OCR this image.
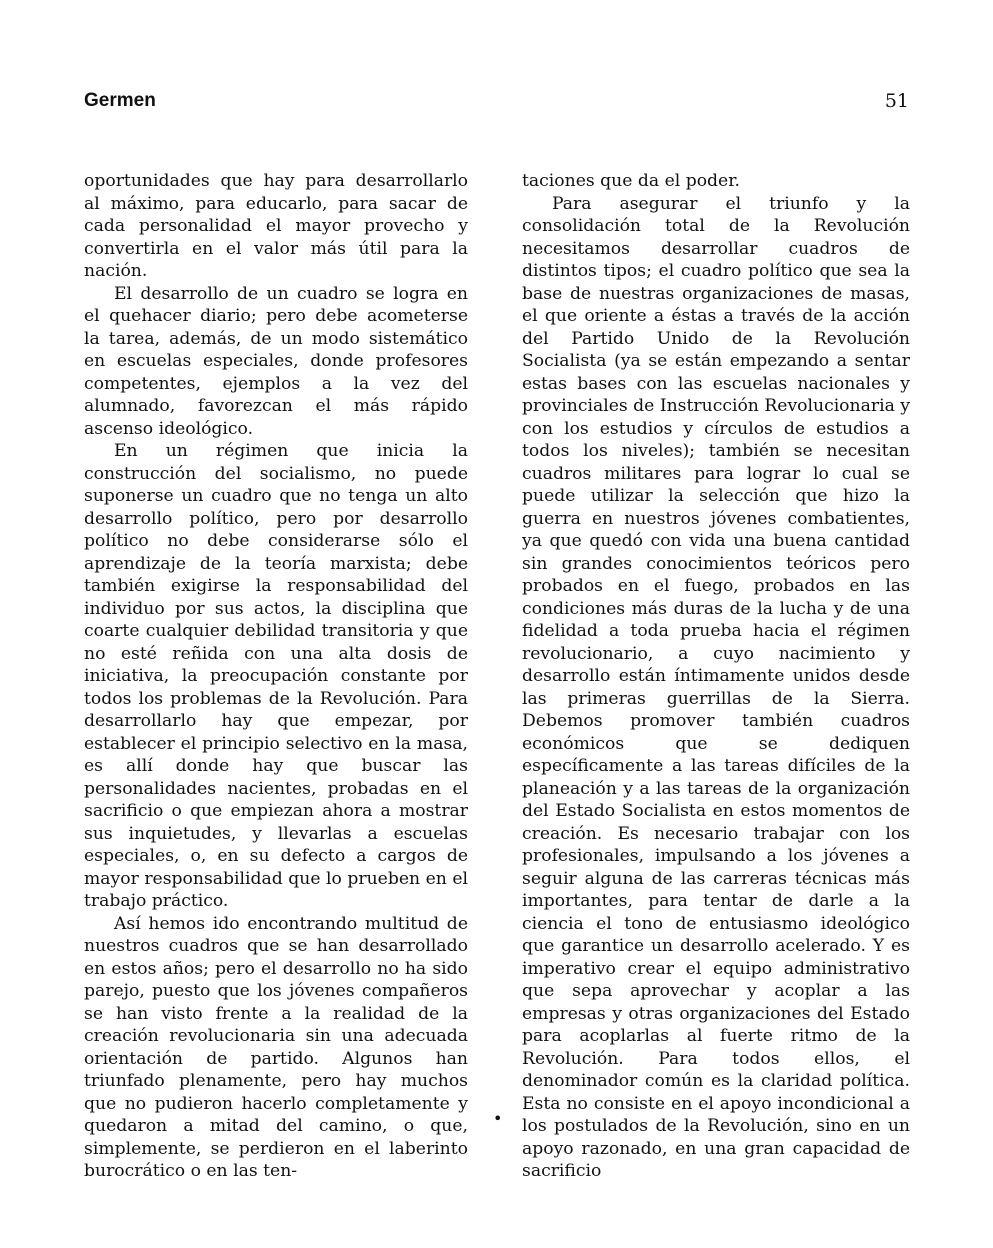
Germen	51

oportunidades que hay para desarrollarlo al máximo, para educarlo, para sacar de cada personalidad el mayor provecho y convertirla en el valor más útil para la nación.

El desarrollo de un cuadro se logra en el quehacer diario; pero debe acometerse la tarea, además, de un modo sistemático en escuelas especiales, donde profesores competentes, ejemplos a la vez del alumnado, favorezcan el más rápido ascenso ideológico.

En un régimen que inicia la construcción del socialismo, no puede suponerse un cuadro que no tenga un alto desarrollo político, pero por desarrollo político no debe considerarse sólo el aprendizaje de la teoría marxista; debe también exigirse la responsabilidad del individuo por sus actos, la disciplina que coarte cualquier debilidad transitoria y que no esté reñida con una alta dosis de iniciativa, la preocupación constante por todos los problemas de la Revolución. Para desarrollarlo hay que empezar, por establecer el principio selectivo en la masa, es allí donde hay que buscar las personalidades nacientes, probadas en el sacrificio o que empiezan ahora a mostrar sus inquietudes, y llevarlas a escuelas especiales, o, en su defecto a cargos de mayor responsabilidad que lo prueben en el trabajo práctico.

Así hemos ido encontrando multitud de nuestros cuadros que se han desarrollado en estos años; pero el desarrollo no ha sido parejo, puesto que los jóvenes compañeros se han visto frente a la realidad de la creación revolucionaria sin una adecuada orientación de partido. Algunos han triunfado plenamente, pero hay muchos que no pudieron hacerlo completamente y quedaron a mitad del camino, o que, simplemente, se perdieron en el laberinto burocrático o en las ten-

taciones que da el poder.

Para asegurar el triunfo y la consolidación total de la Revolución necesitamos desarrollar cuadros de distintos tipos; el cuadro político que sea la base de nuestras organizaciones de masas, el que oriente a éstas a través de la acción del Partido Unido de la Revolución Socialista (ya se están empezando a sentar estas bases con las escuelas nacionales y provinciales de Instrucción Revolucionaria y con los estudios y círculos de estudios a todos los niveles); también se necesitan cuadros militares para lograr lo cual se puede utilizar la selección que hizo la guerra en nuestros jóvenes combatientes, ya que quedó con vida una buena cantidad sin grandes conocimientos teóricos pero probados en el fuego, probados en las condiciones más duras de la lucha y de una fidelidad a toda prueba hacia el régimen revolucionario, a cuyo nacimiento y desarrollo están íntimamente unidos desde las primeras guerrillas de la Sierra. Debemos promover también cuadros económicos que se dediquen específicamente a las tareas difíciles de la planeación y a las tareas de la organización del Estado Socialista en estos momentos de creación. Es necesario trabajar con los profesionales, impulsando a los jóvenes a seguir alguna de las carreras técnicas más importantes, para tentar de darle a la ciencia el tono de entusiasmo ideológico que garantice un desarrollo acelerado. Y es imperativo crear el equipo administrativo que sepa aprovechar y acoplar a las empresas y otras organizaciones del Estado para acoplarlas al fuerte ritmo de la Revolución. Para todos ellos, el denominador común es la claridad política. Esta no consiste en el apoyo incondicional a los postulados de la Revolución, sino en un apoyo razonado, en una gran capacidad de sacrificio

•
